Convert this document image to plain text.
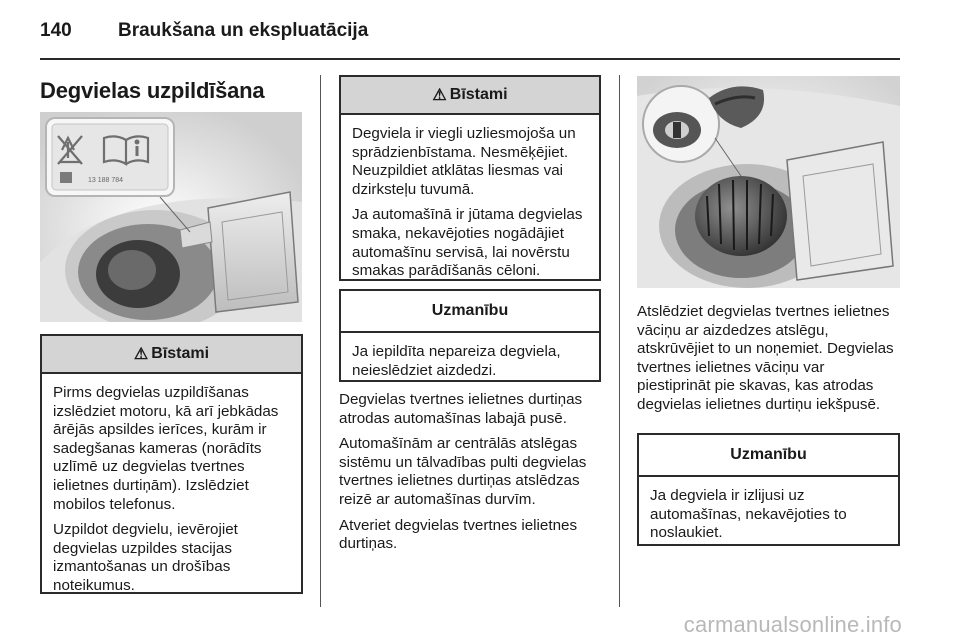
140 Braukšana un ekspluatācija
Degvielas uzpildīšana
13 188 784
⚠ Bīstami

Pirms degvielas uzpildīšanas izslēdziet motoru, kā arī jebkādas ārējās apsildes ierīces, kurām ir sadegšanas kameras (norādīts uzlīmē uz degvielas tvertnes ielietnes durtiņām). Izslēdziet mobilos telefonus.

Uzpildot degvielu, ievērojiet degvielas uzpildes stacijas izmantošanas un drošības noteikumus.

⚠ Bīstami

Degviela ir viegli uzliesmojoša un sprādzienbīstama. Nesmēķējiet. Neuzpildiet atklātas liesmas vai dzirksteļu tuvumā.

Ja automašīnā ir jūtama degvielas smaka, nekavējoties nogādājiet automašīnu servisā, lai novērstu smakas parādīšanās cēloni.

Uzmanību

Ja iepildīta nepareiza degviela, neieslēdziet aizdedzi.

Degvielas tvertnes ielietnes durtiņas atrodas automašīnas labajā pusē.

Automašīnām ar centrālās atslēgas sistēmu un tālvadības pulti degvielas tvertnes ielietnes durtiņas atslēdzas reizē ar automašīnas durvīm.

Atveriet degvielas tvertnes ielietnes durtiņas.

Atslēdziet degvielas tvertnes ielietnes vāciņu ar aizdedzes atslēgu, atskrūvējiet to un noņemiet. Degvielas tvertnes ielietnes vāciņu var piestiprināt pie skavas, kas atrodas degvielas ielietnes durtiņu iekšpusē.

Uzmanību

Ja degviela ir izlijusi uz automašīnas, nekavējoties to noslaukiet.

carmanualsonline.info
